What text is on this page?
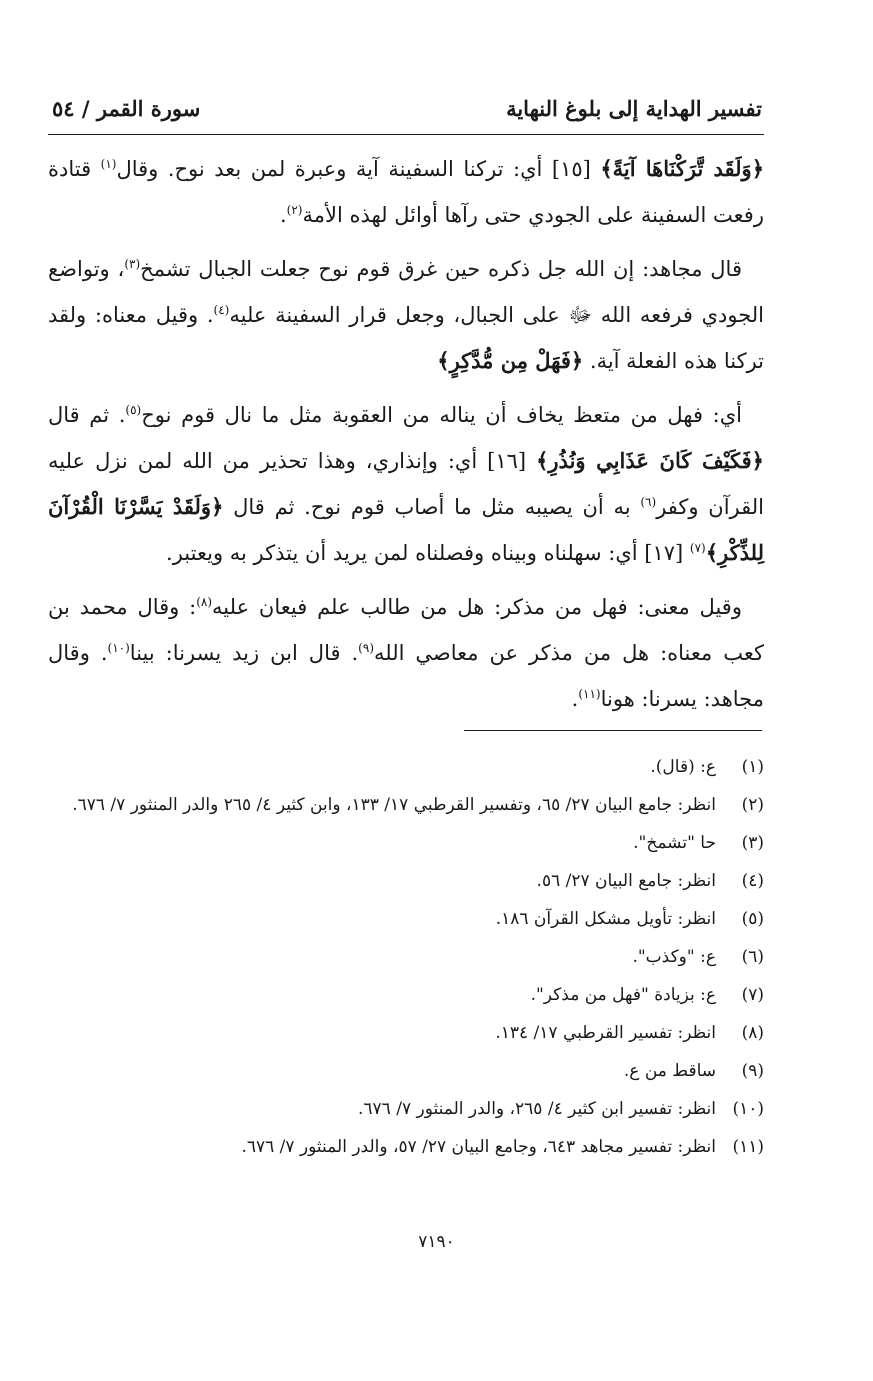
تفسير الهداية إلى بلوغ النهاية
سورة القمر / ٥٤

﴿وَلَقَد تَّرَكْنَاهَا آيَةً﴾ [١٥] أي: تركنا السفينة آية وعبرة لمن بعد نوح. وقال$^{(١)}$ قتادة رفعت السفينة على الجودي حتى رآها أوائل لهذه الأمة$^{(٢)}$.

قال مجاهد: إن الله جل ذكره حين غرق قوم نوح جعلت الجبال تشمخ$^{(٣)}$، وتواضع الجودي فرفعه الله ﷻ على الجبال، وجعل قرار السفينة عليه$^{(٤)}$. وقيل معناه: ولقد تركنا هذه الفعلة آية. ﴿فَهَلْ مِن مُّدَّكِرٍ﴾

أي: فهل من متعظ يخاف أن يناله من العقوبة مثل ما نال قوم نوح$^{(٥)}$. ثم قال ﴿فَكَيْفَ كَانَ عَذَابِي وَنُذُرِ﴾ [١٦] أي: وإنذاري، وهذا تحذير من الله لمن نزل عليه القرآن وكفر$^{(٦)}$ به أن يصيبه مثل ما أصاب قوم نوح. ثم قال ﴿وَلَقَدْ يَسَّرْنَا الْقُرْآنَ لِلذِّكْرِ﴾$^{(٧)}$ [١٧] أي: سهلناه وبيناه وفصلناه لمن يريد أن يتذكر به ويعتبر.

وقيل معنى: فهل من مذكر: هل من طالب علم فيعان عليه$^{(٨)}$: وقال محمد بن كعب معناه: هل من مذكر عن معاصي الله$^{(٩)}$. قال ابن زيد يسرنا: بينا$^{(١٠)}$. وقال مجاهد: يسرنا: هونا$^{(١١)}$.

(١)
ع: (قال).
(٢)
انظر: جامع البيان ٢٧/ ٦٥، وتفسير القرطبي ١٧/ ١٣٣، وابن كثير ٤/ ٢٦٥ والدر المنثور ٧/ ٦٧٦.
(٣)
حا "تشمخ".
(٤)
انظر: جامع البيان ٢٧/ ٥٦.
(٥)
انظر: تأويل مشكل القرآن ١٨٦.
(٦)
ع: "وكذب".
(٧)
ع: بزيادة "فهل من مذكر".
(٨)
انظر: تفسير القرطبي ١٧/ ١٣٤.
(٩)
ساقط من ع.
(١٠)
انظر: تفسير ابن كثير ٤/ ٢٦٥، والدر المنثور ٧/ ٦٧٦.
(١١)
انظر: تفسير مجاهد ٦٤٣، وجامع البيان ٢٧/ ٥٧، والدر المنثور ٧/ ٦٧٦.
٧١٩٠
